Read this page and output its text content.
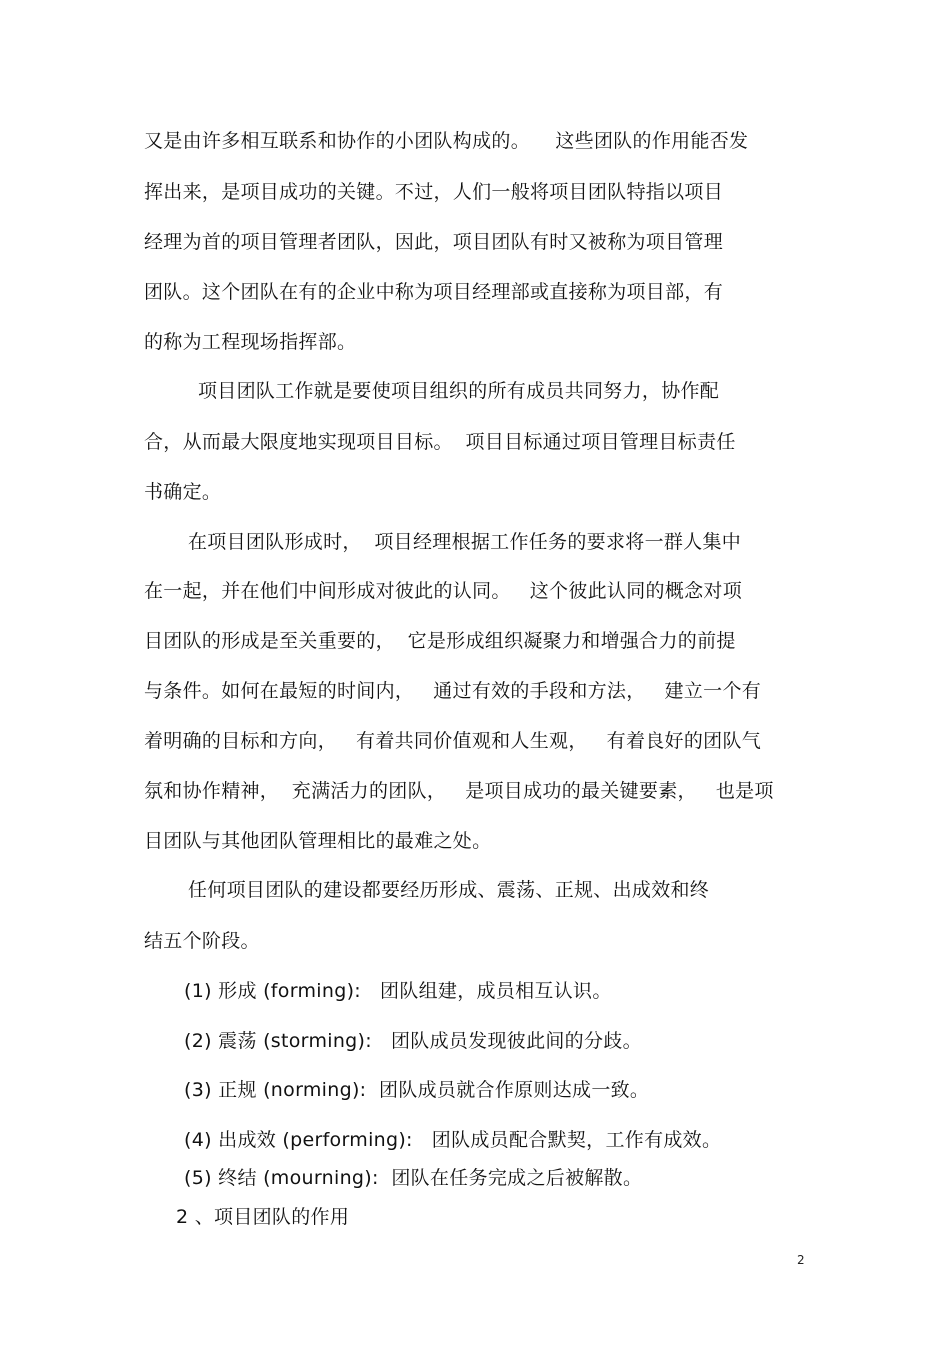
又是由许多相互联系和协作的小团队构成的。    这些团队的作用能否发
挥出来，是项目成功的关键。不过，人们一般将项目团队特指以项目
经理为首的项目管理者团队，因此，项目团队有时又被称为项目管理
团队。这个团队在有的企业中称为项目经理部或直接称为项目部，有
的称为工程现场指挥部。
项目团队工作就是要使项目组织的所有成员共同努力，协作配
合，从而最大限度地实现项目目标。  项目目标通过项目管理目标责任
书确定。
在项目团队形成时，  项目经理根据工作任务的要求将一群人集中
在一起，并在他们中间形成对彼此的认同。   这个彼此认同的概念对项
目团队的形成是至关重要的，  它是形成组织凝聚力和增强合力的前提
与条件。如何在最短的时间内，   通过有效的手段和方法，   建立一个有
着明确的目标和方向，   有着共同价值观和人生观，   有着良好的团队气
氛和协作精神，  充满活力的团队，   是项目成功的最关键要素，   也是项
目团队与其他团队管理相比的最难之处。
任何项目团队的建设都要经历形成、震荡、正规、出成效和终
结五个阶段。
(1) 形成 (forming):   团队组建，成员相互认识。
(2) 震荡 (storming):   团队成员发现彼此间的分歧。
(3) 正规 (norming):  团队成员就合作原则达成一致。
(4) 出成效 (performing):   团队成员配合默契，工作有成效。
(5) 终结 (mourning):  团队在任务完成之后被解散。
2 、项目团队的作用
2
